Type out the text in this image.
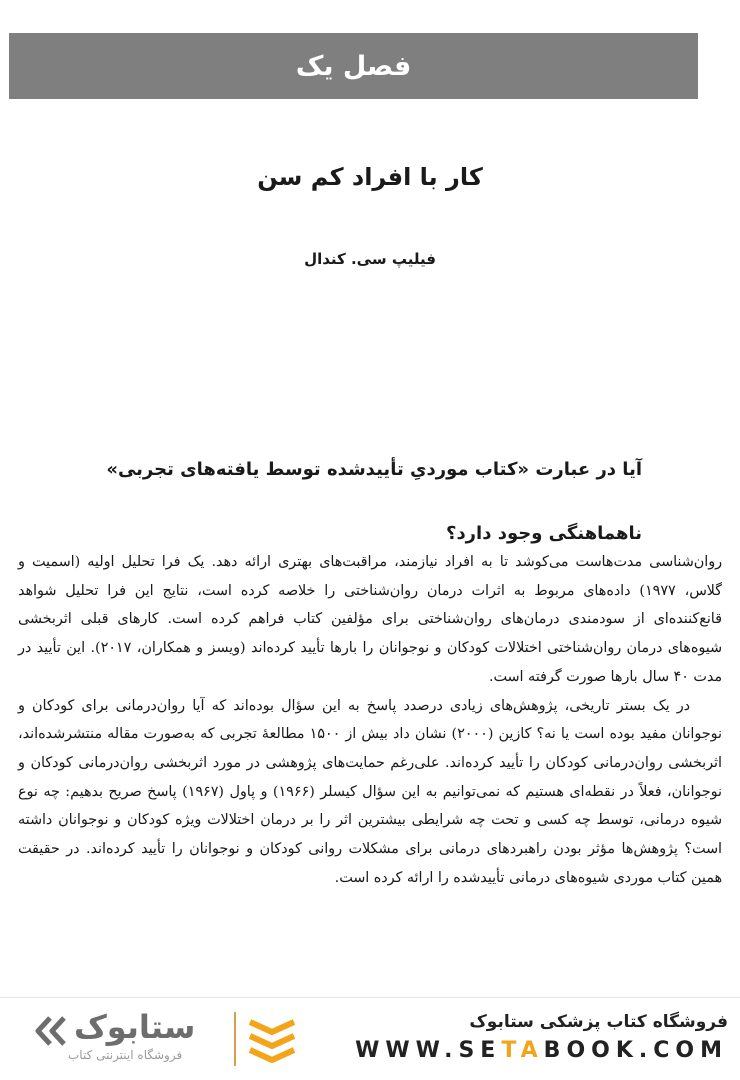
فصل یک
کار با افراد کم سن
فیلیپ سی. کندال
آیا در عبارت «کتاب موردیِ تأییدشده توسط یافته‌های تجربی» ناهماهنگی وجود دارد؟

روان‌شناسی مدت‌هاست می‌کوشد تا به افراد نیازمند، مراقبت‌های بهتری ارائه دهد. یک فرا تحلیل اولیه (اسمیت و گلاس، ۱۹۷۷) داده‌های مربوط به اثرات درمان روان‌شناختی را خلاصه کرده است، نتایج این فرا تحلیل شواهد قانع‌کننده‌ای از سودمندی درمان‌های روان‌شناختی برای مؤلفین کتاب فراهم کرده است. کارهای قبلی اثربخشی شیوه‌های درمان روان‌شناختی اختلالات کودکان و نوجوانان را بارها تأیید کرده‌اند (ویسز و همکاران، ۲۰۱۷). این تأیید در مدت ۴۰ سال بارها صورت گرفته است.

در یک بستر تاریخی، پژوهش‌های زیادی درصدد پاسخ به این سؤال بوده‌اند که آیا روان‌درمانی برای کودکان و نوجوانان مفید بوده است یا نه؟ کازین (۲۰۰۰) نشان داد بیش از ۱۵۰۰ مطالعهٔ تجربی که به‌صورت مقاله منتشرشده‌اند، اثربخشی روان‌درمانی کودکان را تأیید کرده‌اند. علی‌رغم حمایت‌های پژوهشی در مورد اثربخشی روان‌درمانی کودکان و نوجوانان، فعلاً در نقطه‌ای هستیم که نمی‌توانیم به این سؤال کیسلر (۱۹۶۶) و پاول (۱۹۶۷) پاسخ صریح بدهیم: چه نوع شیوه درمانی، توسط چه کسی و تحت چه شرایطی بیشترین اثر را بر درمان اختلالات ویژه کودکان و نوجوانان داشته است؟ پژوهش‌ها مؤثر بودن راهبردهای درمانی برای مشکلات روانی کودکان و نوجوانان را تأیید کرده‌اند. در حقیقت همین کتاب موردی شیوه‌های درمانی تأییدشده را ارائه کرده است.

فروشگاه کتاب پزشکی ستابوک
WWW.SETABOOK.COM
ستابوک
فروشگاه اینترنتی کتاب
